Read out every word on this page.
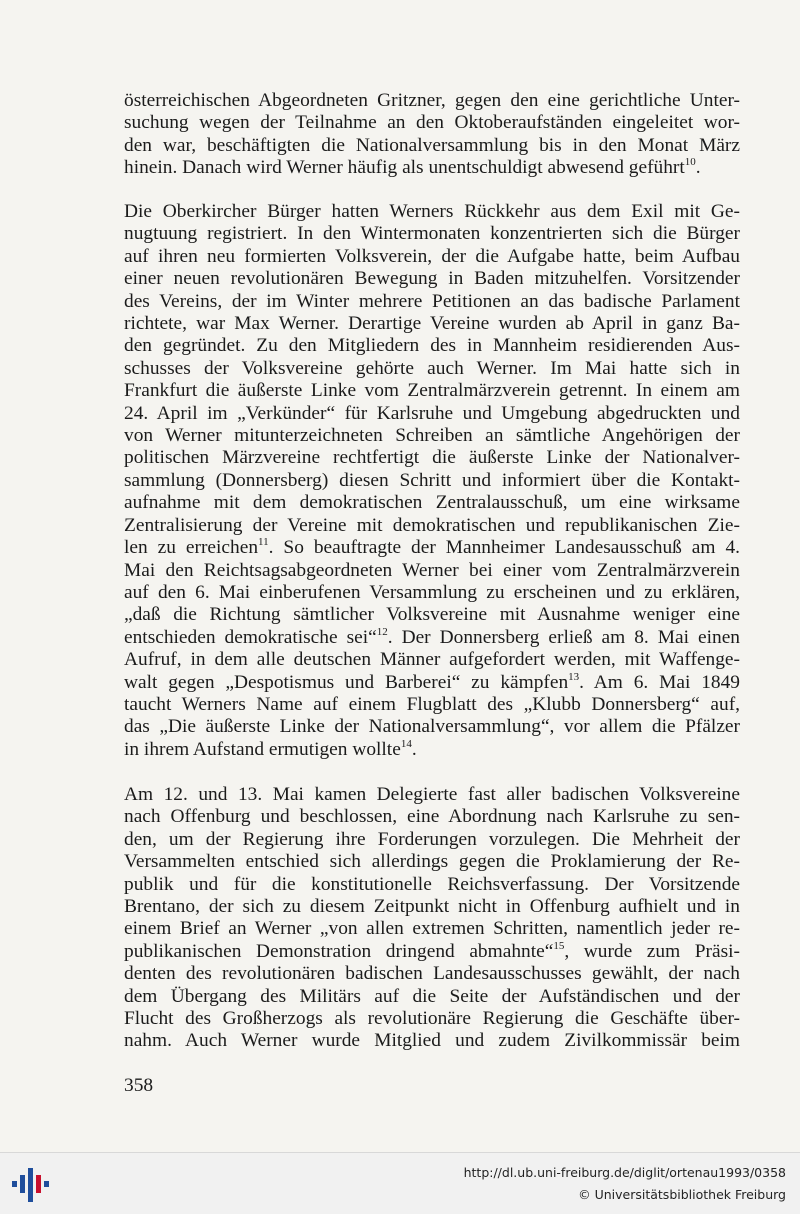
österreichischen Abgeordneten Gritzner, gegen den eine gerichtliche Unter-
suchung wegen der Teilnahme an den Oktoberaufständen eingeleitet wor-
den war, beschäftigten die Nationalversammlung bis in den Monat März
hinein. Danach wird Werner häufig als unentschuldigt abwesend geführt$^{10}$.
Die Oberkircher Bürger hatten Werners Rückkehr aus dem Exil mit Ge-
nugtuung registriert. In den Wintermonaten konzentrierten sich die Bürger
auf ihren neu formierten Volksverein, der die Aufgabe hatte, beim Aufbau
einer neuen revolutionären Bewegung in Baden mitzuhelfen. Vorsitzender
des Vereins, der im Winter mehrere Petitionen an das badische Parlament
richtete, war Max Werner. Derartige Vereine wurden ab April in ganz Ba-
den gegründet. Zu den Mitgliedern des in Mannheim residierenden Aus-
schusses der Volksvereine gehörte auch Werner. Im Mai hatte sich in
Frankfurt die äußerste Linke vom Zentralmärzverein getrennt. In einem am
24. April im „Verkünder“ für Karlsruhe und Umgebung abgedruckten und
von Werner mitunterzeichneten Schreiben an sämtliche Angehörigen der
politischen Märzvereine rechtfertigt die äußerste Linke der Nationalver-
sammlung (Donnersberg) diesen Schritt und informiert über die Kontakt-
aufnahme mit dem demokratischen Zentralausschuß, um eine wirksame
Zentralisierung der Vereine mit demokratischen und republikanischen Zie-
len zu erreichen$^{11}$. So beauftragte der Mannheimer Landesausschuß am 4.
Mai den Reichtsagsabgeordneten Werner bei einer vom Zentralmärzverein
auf den 6. Mai einberufenen Versammlung zu erscheinen und zu erklären,
„daß die Richtung sämtlicher Volksvereine mit Ausnahme weniger eine
entschieden demokratische sei“$^{12}$. Der Donnersberg erließ am 8. Mai einen
Aufruf, in dem alle deutschen Männer aufgefordert werden, mit Waffenge-
walt gegen „Despotismus und Barberei“ zu kämpfen$^{13}$. Am 6. Mai 1849
taucht Werners Name auf einem Flugblatt des „Klubb Donnersberg“ auf,
das „Die äußerste Linke der Nationalversammlung“, vor allem die Pfälzer
in ihrem Aufstand ermutigen wollte$^{14}$.
Am 12. und 13. Mai kamen Delegierte fast aller badischen Volksvereine
nach Offenburg und beschlossen, eine Abordnung nach Karlsruhe zu sen-
den, um der Regierung ihre Forderungen vorzulegen. Die Mehrheit der
Versammelten entschied sich allerdings gegen die Proklamierung der Re-
publik und für die konstitutionelle Reichsverfassung. Der Vorsitzende
Brentano, der sich zu diesem Zeitpunkt nicht in Offenburg aufhielt und in
einem Brief an Werner „von allen extremen Schritten, namentlich jeder re-
publikanischen Demonstration dringend abmahnte“$^{15}$, wurde zum Präsi-
denten des revolutionären badischen Landesausschusses gewählt, der nach
dem Übergang des Militärs auf die Seite der Aufständischen und der
Flucht des Großherzogs als revolutionäre Regierung die Geschäfte über-
nahm. Auch Werner wurde Mitglied und zudem Zivilkommissär beim
358
http://dl.ub.uni-freiburg.de/diglit/ortenau1993/0358
© Universitätsbibliothek Freiburg
